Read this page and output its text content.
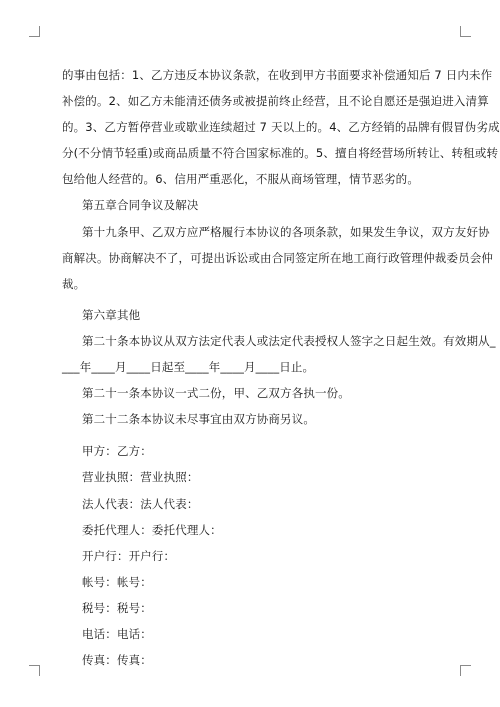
的事由包括：1、乙方违反本协议条款，在收到甲方书面要求补偿通知后 7 日内未作
补偿的。2、如乙方未能清还债务或被提前终止经营，且不论自愿还是强迫进入清算
的。3、乙方暂停营业或歇业连续超过 7 天以上的。4、乙方经销的品牌有假冒伪劣成
分(不分情节轻重)或商品质量不符合国家标准的。5、擅自将经营场所转让、转租或转
包给他人经营的。6、信用严重恶化，不服从商场管理，情节恶劣的。
第五章合同争议及解决
第十九条甲、乙双方应严格履行本协议的各项条款，如果发生争议，双方友好协
商解决。协商解决不了，可提出诉讼或由合同签定所在地工商行政管理仲裁委员会仲
裁。
第六章其他
第二十条本协议从双方法定代表人或法定代表授权人签字之日起生效。有效期从_
___年____月____日起至____年____月____日止。
第二十一条本协议一式二份，甲、乙双方各执一份。
第二十二条本协议未尽事宜由双方协商另议。
甲方：乙方：
营业执照：营业执照：
法人代表：法人代表：
委托代理人：委托代理人：
开户行：开户行：
帐号：帐号：
税号：税号：
电话：电话：
传真：传真：
